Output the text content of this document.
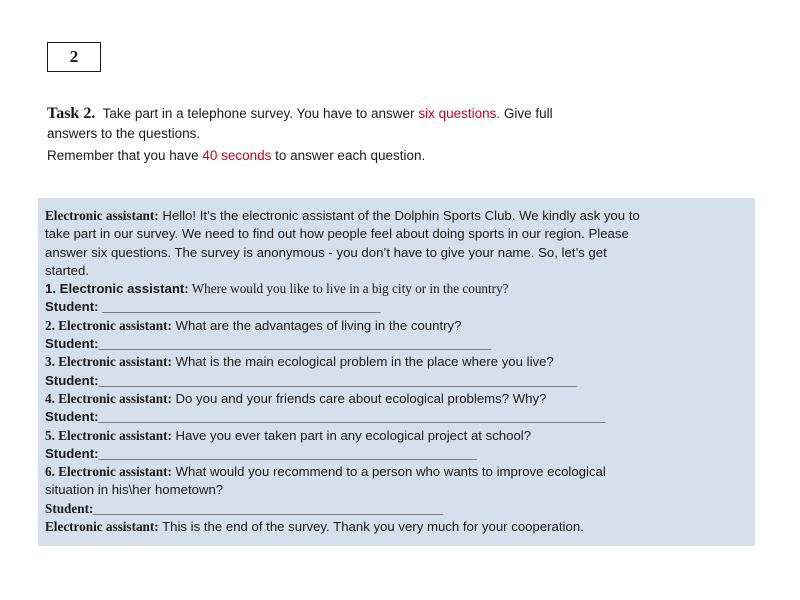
2

Task 2. Take part in a telephone survey. You have to answer six questions. Give full

answers to the questions.

Remember that you have 40 seconds to answer each question.

Electronic assistant: Hello! It’s the electronic assistant of the Dolphin Sports Club. We kindly ask you to
take part in our survey. We need to find out how people feel about doing sports in our region. Please
answer six questions. The survey is anonymous - you don’t have to give your name. So, let’s get
started.

1. Electronic assistant: Where would you like to live in a big city or in the country?

Student: _______________________________________

2. Electronic assistant: What are the advantages of living in the country?

Student:_______________________________________________________

3. Electronic assistant: What is the main ecological problem in the place where you live?

Student:___________________________________________________________________

4. Electronic assistant: Do you and your friends care about ecological problems? Why?

Student:_______________________________________________________________________

5. Electronic assistant: Have you ever taken part in any ecological project at school?

Student:_____________________________________________________

6. Electronic assistant: What would you recommend to a person who wants to improve ecological
situation in his\her hometown?

Student:_________________________________________________

Electronic assistant: This is the end of the survey. Thank you very much for your cooperation.
